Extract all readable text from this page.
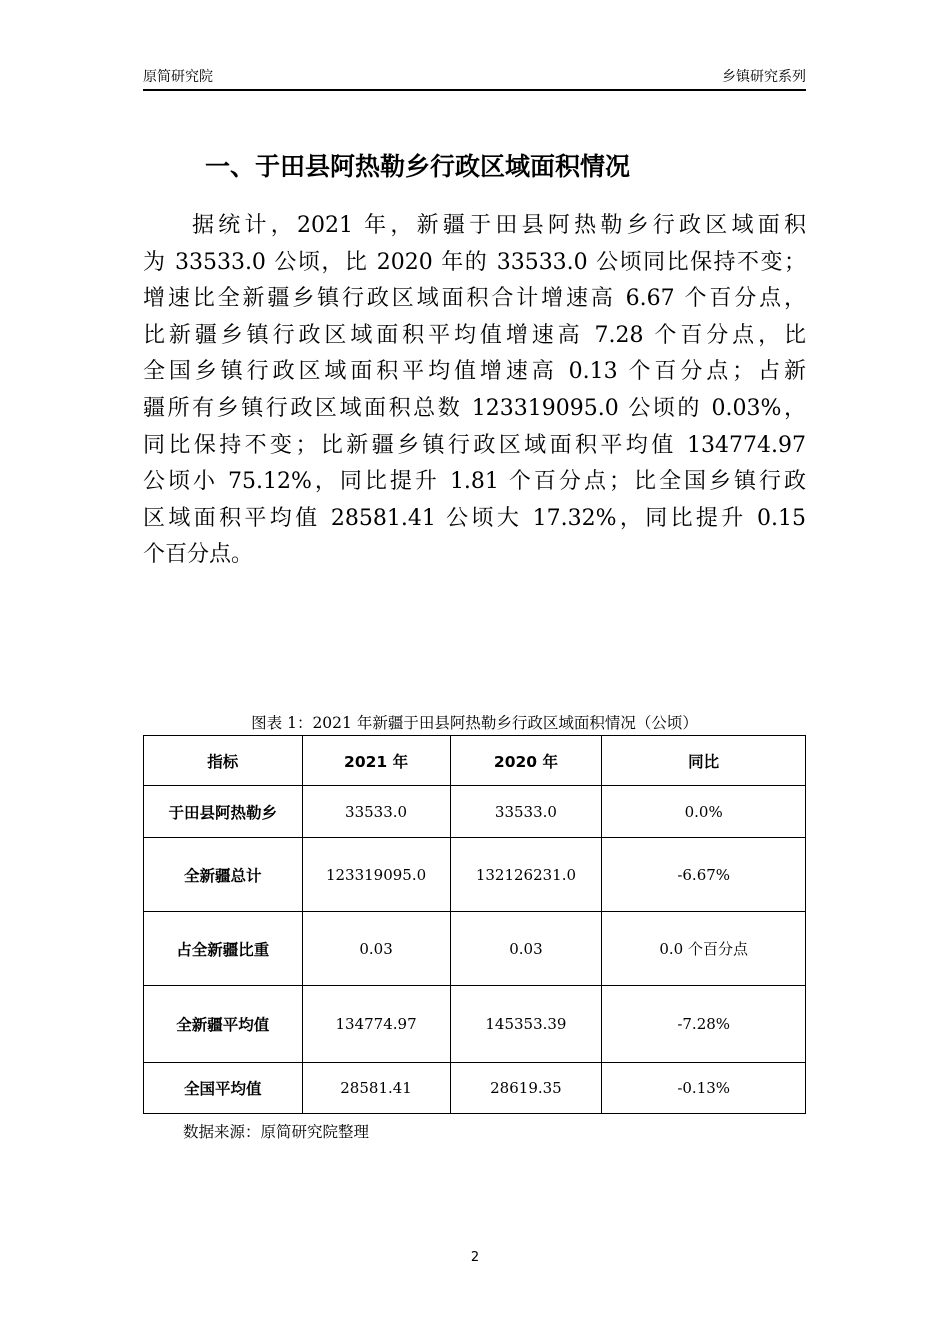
原简研究院	乡镇研究系列
一、于田县阿热勒乡行政区域面积情况
据统计，2021 年，新疆于田县阿热勒乡行政区域面积
为 33533.0 公顷，比 2020 年的 33533.0 公顷同比保持不变；
增速比全新疆乡镇行政区域面积合计增速高 6.67 个百分点，
比新疆乡镇行政区域面积平均值增速高 7.28 个百分点，比
全国乡镇行政区域面积平均值增速高 0.13 个百分点；占新
疆所有乡镇行政区域面积总数 123319095.0 公顷的 0.03%，
同比保持不变；比新疆乡镇行政区域面积平均值 134774.97
公顷小 75.12%，同比提升 1.81 个百分点；比全国乡镇行政
区域面积平均值 28581.41 公顷大 17.32%，同比提升 0.15
个百分点。
图表 1：2021 年新疆于田县阿热勒乡行政区域面积情况（公顷）
指标	2021 年	2020 年	同比
于田县阿热勒乡	33533.0	33533.0	0.0%
全新疆总计	123319095.0	132126231.0	-6.67%
占全新疆比重	0.03	0.03	0.0 个百分点
全新疆平均值	134774.97	145353.39	-7.28%
全国平均值	28581.41	28619.35	-0.13%
数据来源：原简研究院整理
2
